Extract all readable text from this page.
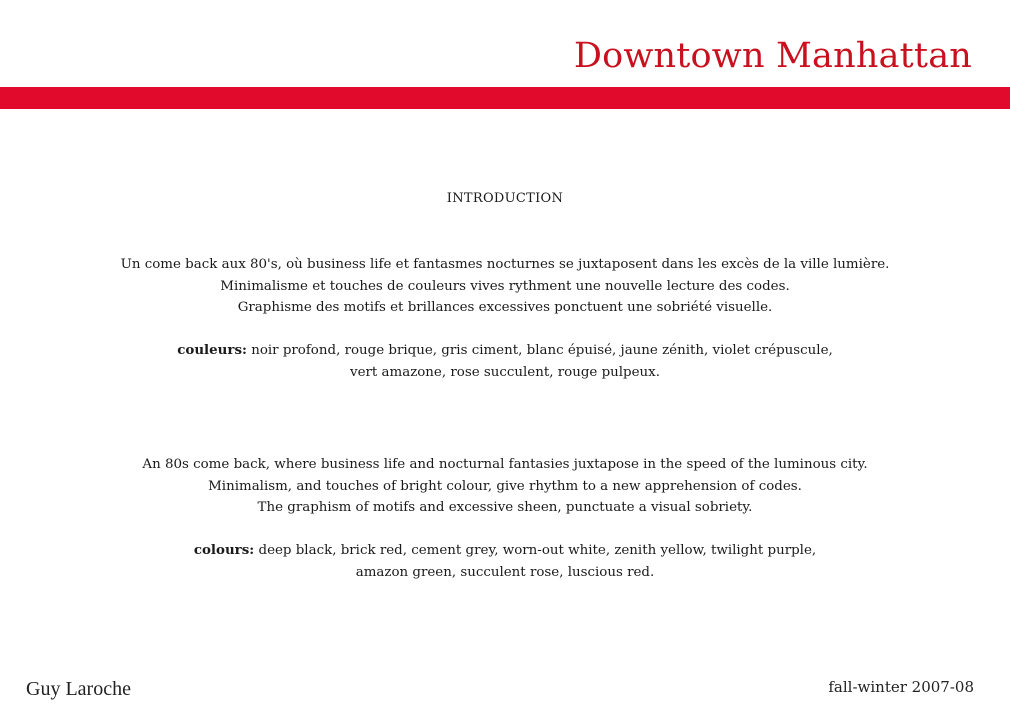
Downtown Manhattan
INTRODUCTION
Un come back aux 80's, où business life et fantasmes nocturnes se juxtaposent dans les excès de la ville lumière.
Minimalisme et touches de couleurs vives rythment une nouvelle lecture des codes.
Graphisme des motifs et brillances excessives ponctuent une sobriété visuelle.
couleurs: noir profond, rouge brique, gris ciment, blanc épuisé, jaune zénith, violet crépuscule,
vert amazone, rose succulent, rouge pulpeux.
An 80s come back, where business life and nocturnal fantasies juxtapose in the speed of the luminous city.
Minimalism, and touches of bright colour, give rhythm to a new apprehension of codes.
The graphism of motifs and excessive sheen, punctuate a visual sobriety.
colours: deep black, brick red, cement grey, worn-out white, zenith yellow, twilight purple,
amazon green, succulent rose, luscious red.
Guy Laroche	fall-winter 2007-08
